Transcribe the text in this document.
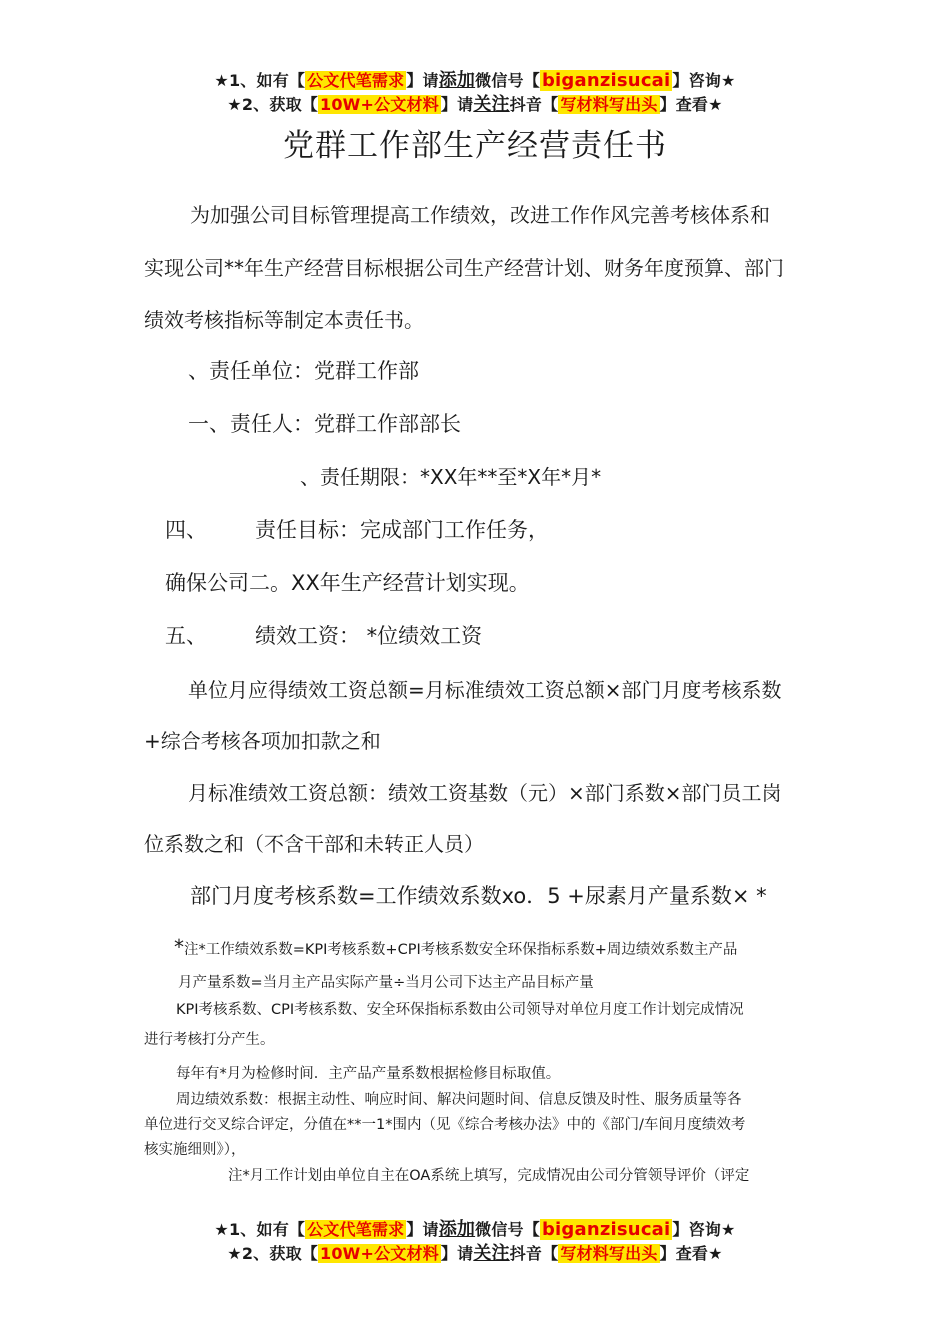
★1、如有【 公文代笔需求 】请添加微信号【 biganzisucai 】咨询★
★2、获取【 10W+公文材料 】请关注抖音【 写材料写出头 】查看★
党群工作部生产经营责任书
为加强公司目标管理提高工作绩效，改进工作作风完善考核体系和
实现公司**年生产经营目标根据公司生产经营计划、财务年度预算、部门
绩效考核指标等制定本责任书。
、责任单位：党群工作部
一、责任人：党群工作部部长
、责任期限：*XX年**至*X年*月*
四、 责任目标：完成部门工作任务，
确保公司二。XX年生产经营计划实现。
五、 绩效工资： *位绩效工资
单位月应得绩效工资总额=月标准绩效工资总额×部门月度考核系数
+综合考核各项加扣款之和
月标准绩效工资总额：绩效工资基数（元）×部门系数×部门员工岗
位系数之和（不含干部和未转正人员）
部门月度考核系数=工作绩效系数xo．5 +尿素月产量系数× *
*注*工作绩效系数=KPI考核系数+CPI考核系数安全环保指标系数+周边绩效系数主产品
月产量系数=当月主产品实际产量÷当月公司下达主产品目标产量
KPI考核系数、CPI考核系数、安全环保指标系数由公司领导对单位月度工作计划完成情况
进行考核打分产生。
每年有*月为检修时间．主产品产量系数根据检修目标取值。
周边绩效系数：根据主动性、响应时间、解决问题时间、信息反馈及时性、服务质量等各
单位进行交叉综合评定，分值在**一1*围内（见《综合考核办法》中的《部门/车间月度绩效考
核实施细则》），
注*月工作计划由单位自主在OA系统上填写，完成情况由公司分管领导评价（评定
★1、如有【 公文代笔需求 】请添加微信号【 biganzisucai 】咨询★
★2、获取【 10W+公文材料 】请关注抖音【 写材料写出头 】查看★
